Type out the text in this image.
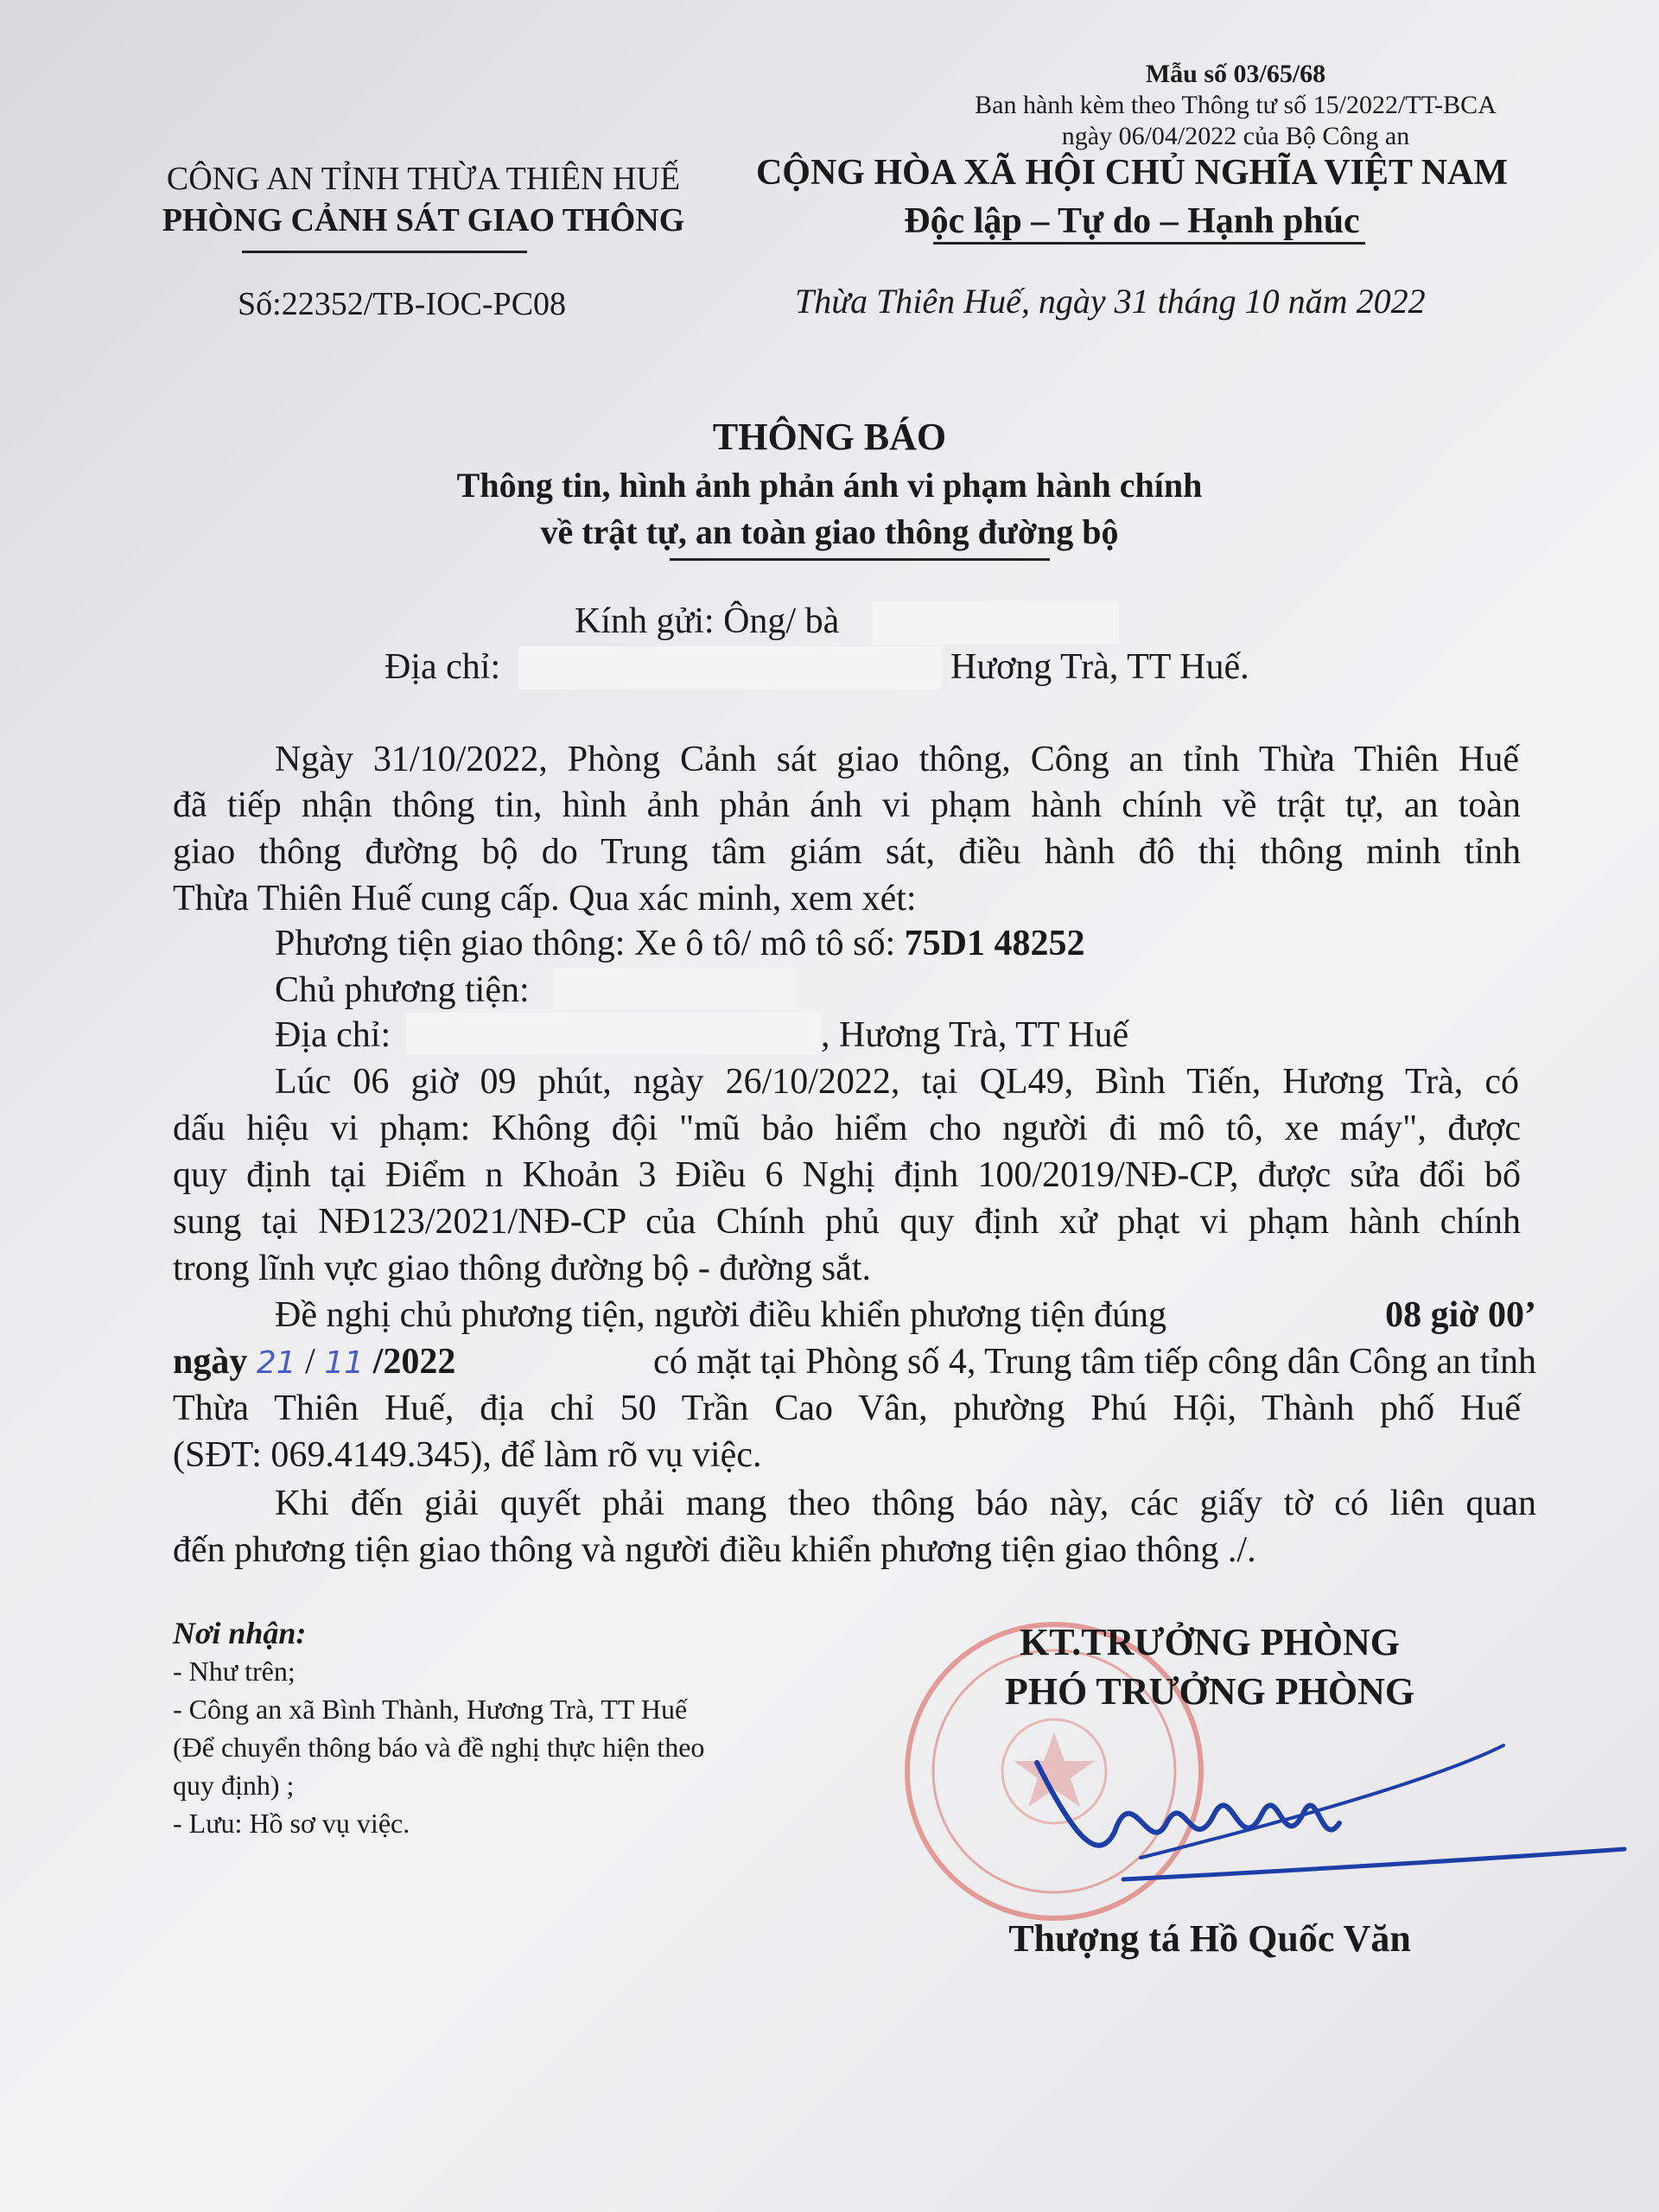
Mẫu số 03/65/68
Ban hành kèm theo Thông tư số 15/2022/TT-BCA
ngày 06/04/2022 của Bộ Công an
CÔNG AN TỈNH THỪA THIÊN HUẾ
PHÒNG CẢNH SÁT GIAO THÔNG
CỘNG HÒA XÃ HỘI CHỦ NGHĨA VIỆT NAM
Độc lập – Tự do – Hạnh phúc
Số:22352/TB-IOC-PC08	Thừa Thiên Huế, ngày 31 tháng 10 năm 2022
THÔNG BÁO
Thông tin, hình ảnh phản ánh vi phạm hành chính
về trật tự, an toàn giao thông đường bộ
Kính gửi: Ông/ bà
Địa chỉ:	Hương Trà, TT Huế.
Ngày 31/10/2022, Phòng Cảnh sát giao thông, Công an tỉnh Thừa Thiên Huế
đã tiếp nhận thông tin, hình ảnh phản ánh vi phạm hành chính về trật tự, an toàn
giao thông đường bộ do Trung tâm giám sát, điều hành đô thị thông minh tỉnh
Thừa Thiên Huế cung cấp. Qua xác minh, xem xét:
Phương tiện giao thông: Xe ô tô/ mô tô số: 75D1 48252
Chủ phương tiện:
Địa chỉ:	, Hương Trà, TT Huế
Lúc 06 giờ 09 phút, ngày 26/10/2022, tại QL49, Bình Tiến, Hương Trà, có
dấu hiệu vi phạm: Không đội "mũ bảo hiểm cho người đi mô tô, xe máy", được
quy định tại Điểm n Khoản 3 Điều 6 Nghị định 100/2019/NĐ-CP, được sửa đổi bổ
sung tại NĐ123/2021/NĐ-CP của Chính phủ quy định xử phạt vi phạm hành chính
trong lĩnh vực giao thông đường bộ - đường sắt.
Đề nghị chủ phương tiện, người điều khiển phương tiện đúng	08 giờ 00’
ngày 21 / 11 /2022	có mặt tại Phòng số 4, Trung tâm tiếp công dân Công an tỉnh
Thừa Thiên Huế, địa chỉ 50 Trần Cao Vân, phường Phú Hội, Thành phố Huế
(SĐT: 069.4149.345), để làm rõ vụ việc.
Khi đến giải quyết phải mang theo thông báo này, các giấy tờ có liên quan
đến phương tiện giao thông và người điều khiển phương tiện giao thông ./.
Nơi nhận:
- Như trên;
- Công an xã Bình Thành, Hương Trà, TT Huế
(Để chuyển thông báo và đề nghị thực hiện theo
quy định) ;
- Lưu: Hồ sơ vụ việc.
KT.TRƯỞNG PHÒNG
PHÓ TRƯỞNG PHÒNG
Thượng tá Hồ Quốc Văn
